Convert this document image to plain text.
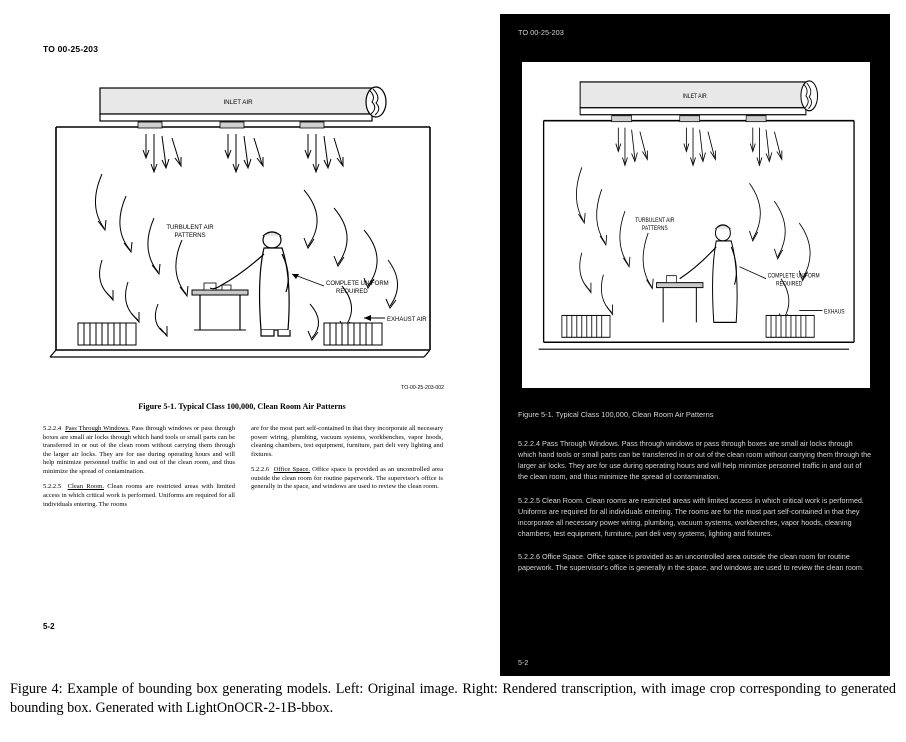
TO 00-25-203
INLET AIR
TURBULENT AIR
PATTERNS
COMPLETE UNIFORM
REQUIRED
EXHAUST AIR
TO-00-25-203-002
Figure 5-1. Typical Class 100,000, Clean Room Air Patterns

5.2.2.4 Pass Through Windows. Pass through windows or pass through boxes are small air locks through which hand tools or small parts can be transferred in or out of the clean room without carrying them through the larger air locks. They are for use during operating hours and will help minimize personnel traffic in and out of the clean room, and thus minimize the spread of contamination.

5.2.2.5 Clean Room. Clean rooms are restricted areas with limited access in which critical work is performed. Uniforms are required for all individuals entering. The rooms

are for the most part self-contained in that they incorporate all necessary power wiring, plumbing, vacuum systems, workbenches, vapor hoods, cleaning chambers, test equipment, furniture, part deli very lighting and fixtures.

5.2.2.6 Office Space. Office space is provided as an uncontrolled area outside the clean room for routine paperwork. The supervisor's office is generally in the space, and windows are used to review the clean room.

5-2
TO 00-25-203
INLET AIR
TURBULENT AIR
PATTERNS
COMPLETE UNIFORM
REQUIRED
EXHAUS
Figure 5-1. Typical Class 100,000, Clean Room Air Patterns

5.2.2.4 Pass Through Windows. Pass through windows or pass through boxes are small air locks through which hand tools or small parts can be transferred in or out of the clean room without carrying them through the larger air locks. They are for use during operating hours and will help minimize personnel traffic in and out of the clean room, and thus minimize the spread of contamination.

5.2.2.5 Clean Room. Clean rooms are restricted areas with limited access in which critical work is performed. Uniforms are required for all individuals entering. The rooms are for the most part self-contained in that they incorporate all necessary power wiring, plumbing, vacuum systems, workbenches, vapor hoods, cleaning chambers, test equipment, furniture, part deli very systems, lighting and fixtures.

5.2.2.6 Office Space. Office space is provided as an uncontrolled area outside the clean room for routine paperwork. The supervisor's office is generally in the space, and windows are used to review the clean room.

5-2
Figure 4: Example of bounding box generating models. Left: Original image. Right: Rendered transcription, with image crop corresponding to generated bounding box. Generated with LightOnOCR-2-1B-bbox.
